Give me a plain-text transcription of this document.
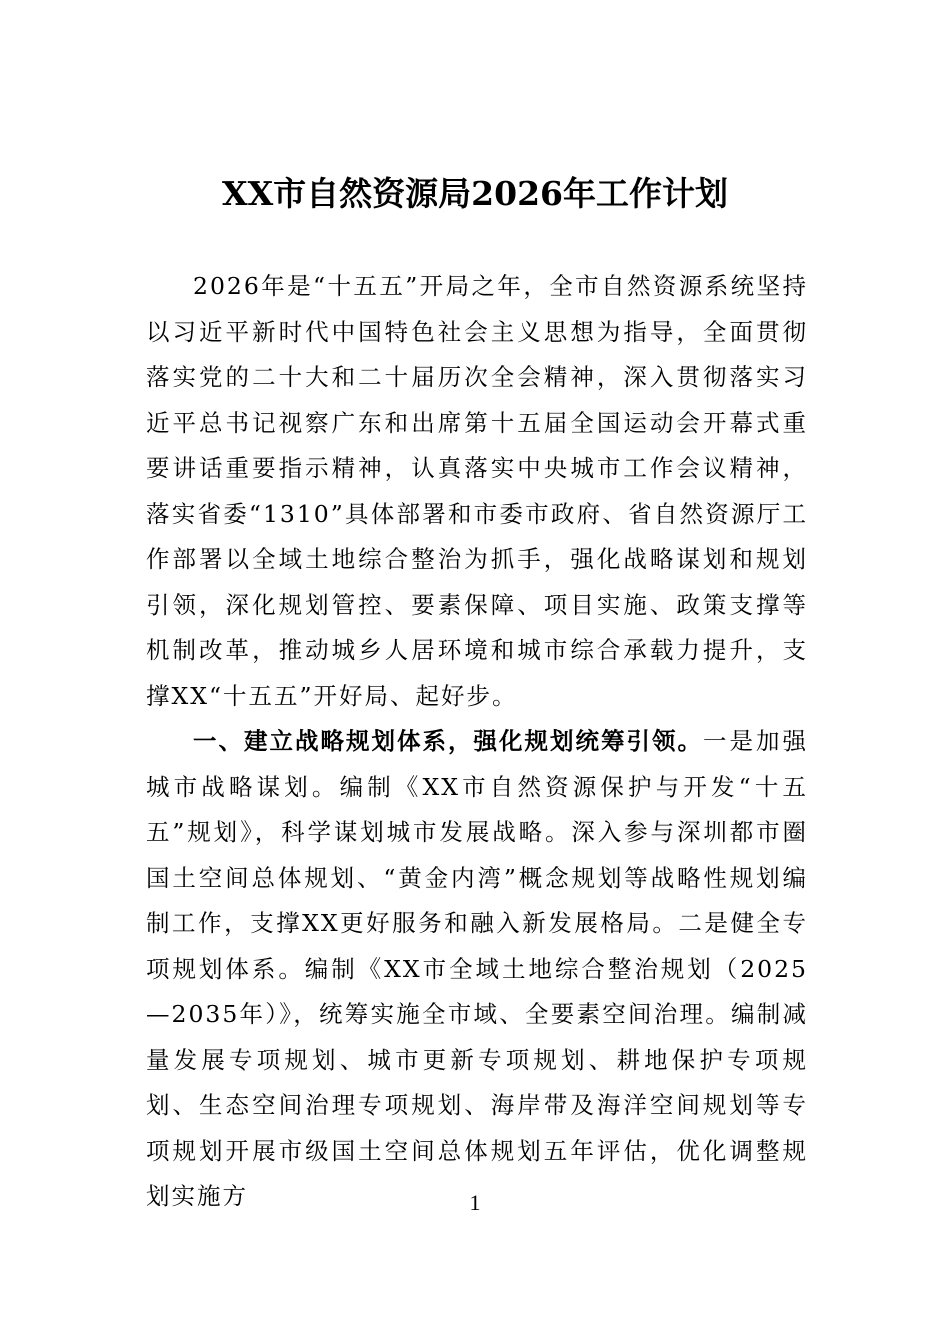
XX市自然资源局2026年工作计划

2026年是“十五五”开局之年，全市自然资源系统坚持以习近平新时代中国特色社会主义思想为指导，全面贯彻落实党的二十大和二十届历次全会精神，深入贯彻落实习近平总书记视察广东和出席第十五届全国运动会开幕式重要讲话重要指示精神，认真落实中央城市工作会议精神，落实省委“1310”具体部署和市委市政府、省自然资源厅工作部署以全域土地综合整治为抓手，强化战略谋划和规划引领，深化规划管控、要素保障、项目实施、政策支撑等机制改革，推动城乡人居环境和城市综合承载力提升，支撑XX“十五五”开好局、起好步。

一、建立战略规划体系，强化规划统筹引领。一是加强城市战略谋划。编制《XX市自然资源保护与开发“十五五”规划》，科学谋划城市发展战略。深入参与深圳都市圈国土空间总体规划、“黄金内湾”概念规划等战略性规划编制工作，支撑XX更好服务和融入新发展格局。二是健全专项规划体系。编制《XX市全域土地综合整治规划（2025—2035年）》，统筹实施全市域、全要素空间治理。编制减量发展专项规划、城市更新专项规划、耕地保护专项规划、生态空间治理专项规划、海岸带及海洋空间规划等专项规划开展市级国土空间总体规划五年评估，优化调整规划实施方	1
